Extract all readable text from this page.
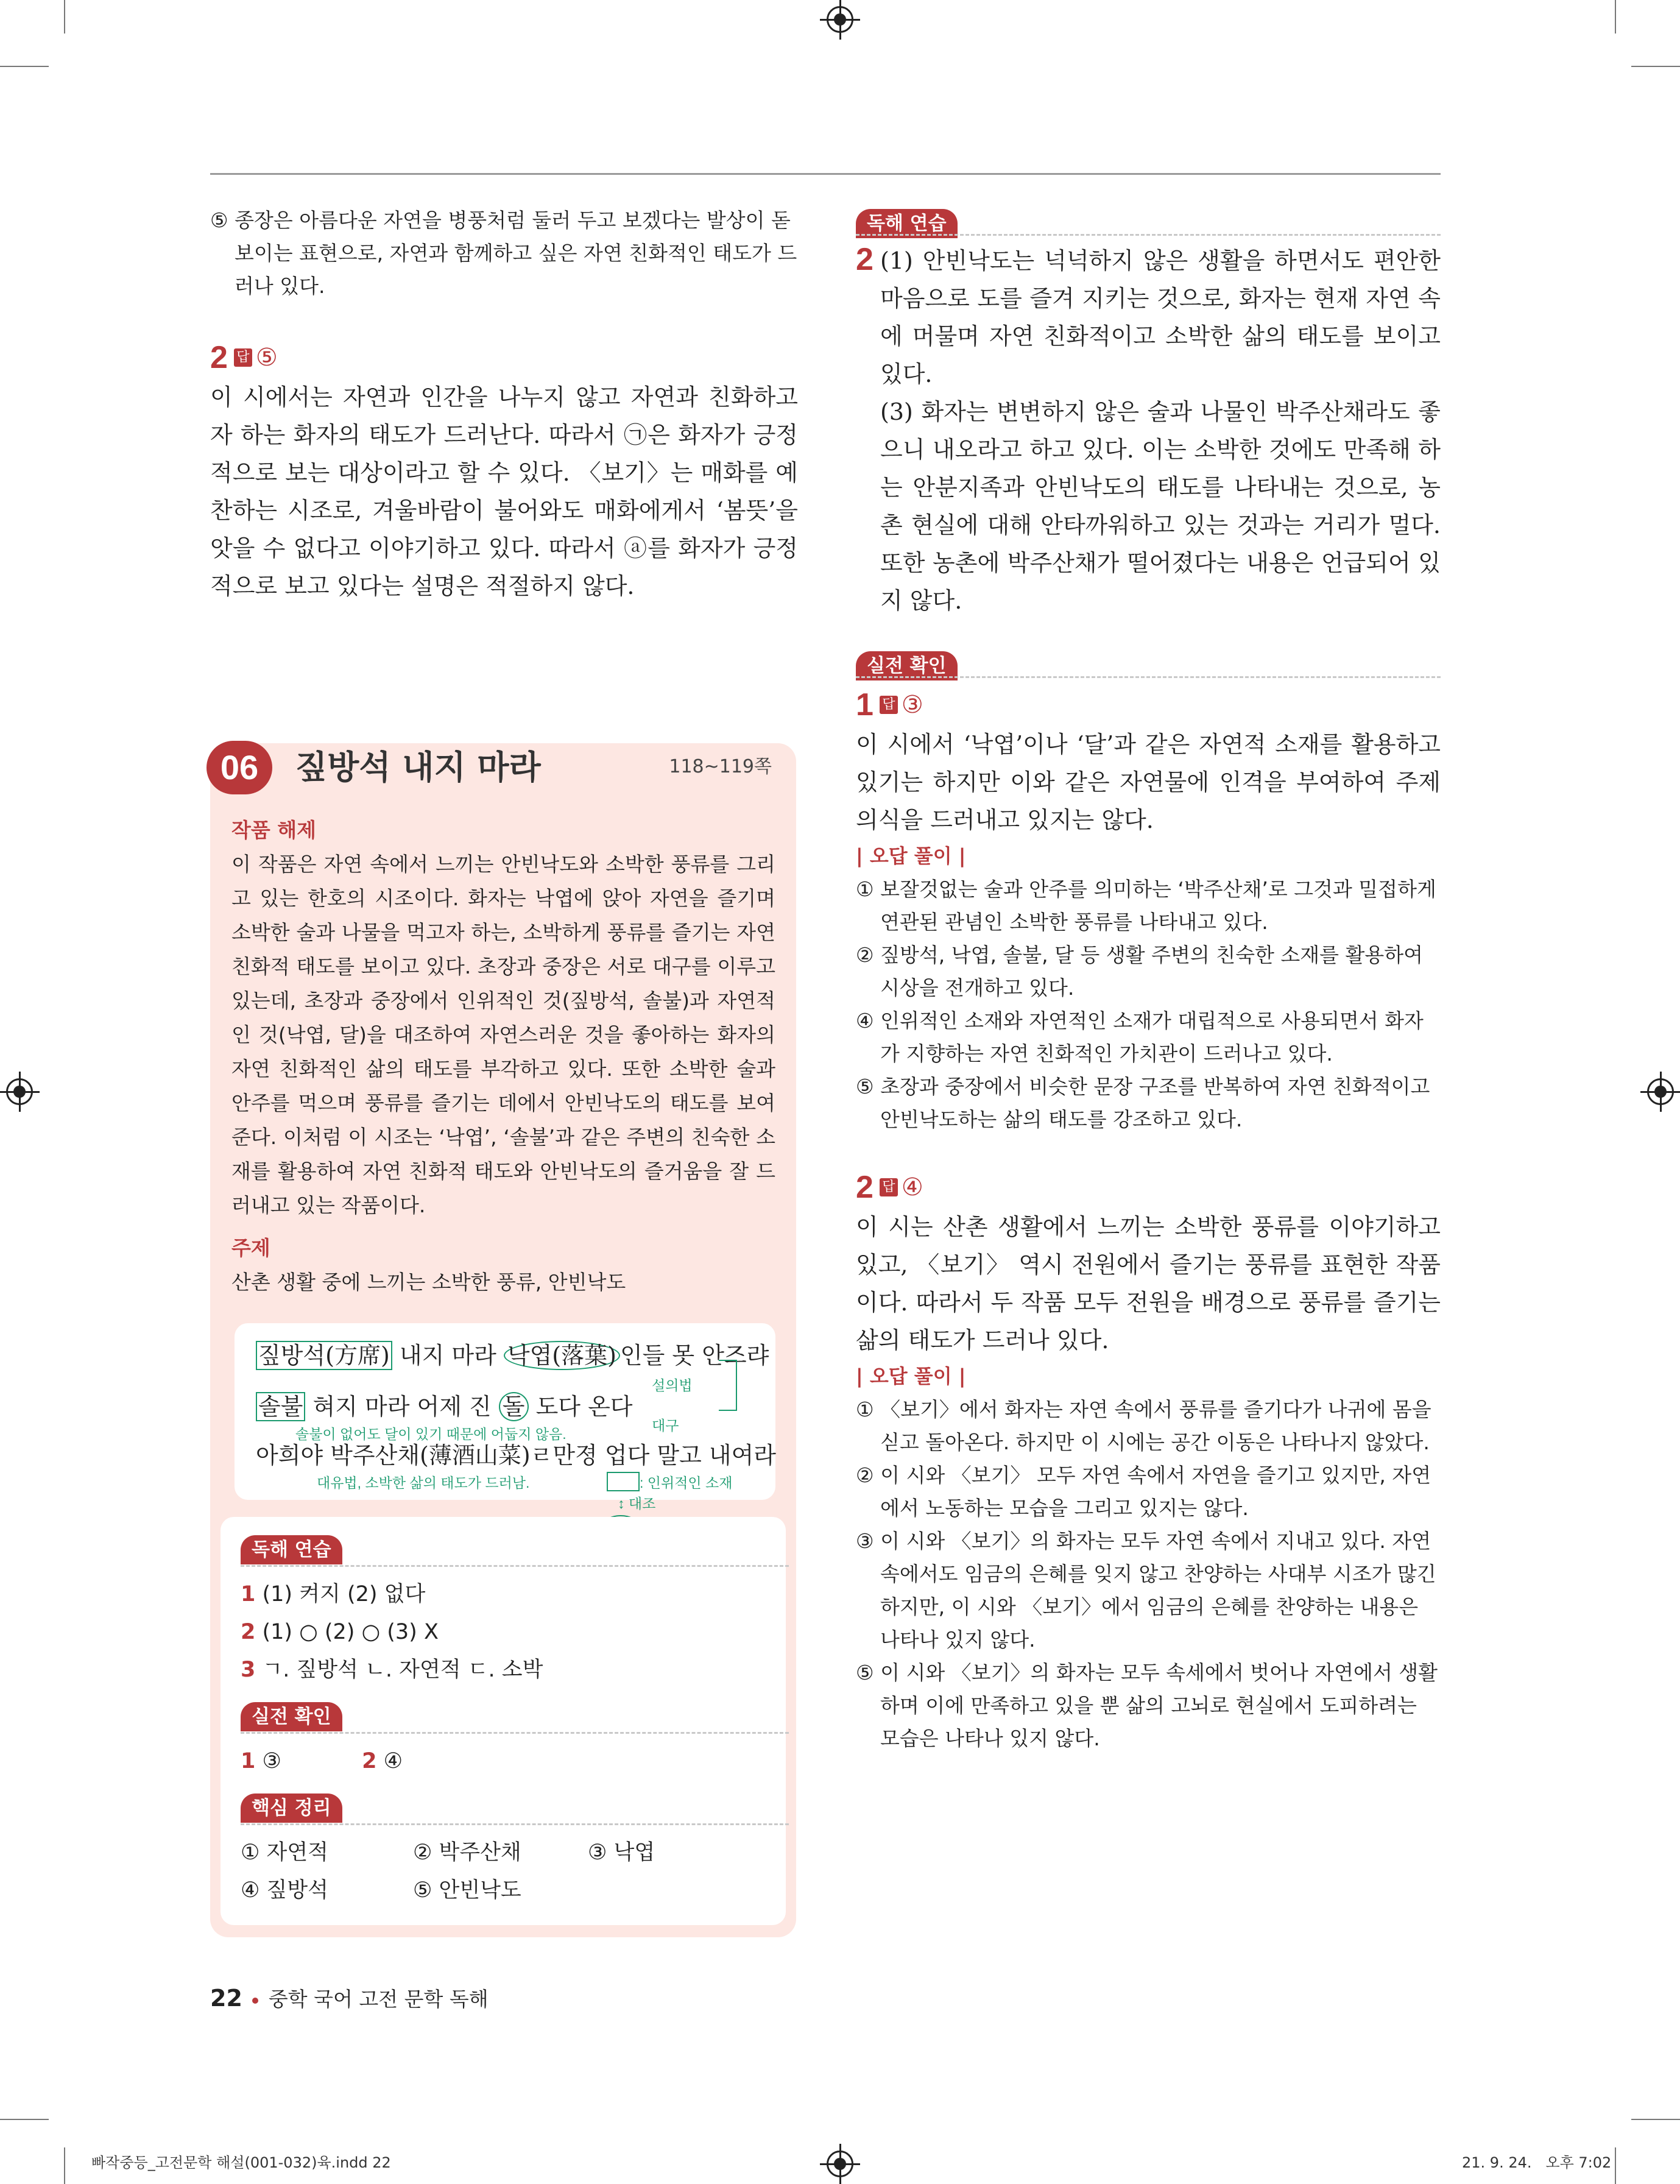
⑤ 종장은 아름다운 자연을 병풍처럼 둘러 두고 보겠다는 발상이 돋보이는 표현으로, 자연과 함께하고 싶은 자연 친화적인 태도가 드러나 있다.
2 답 ⑤
이 시에서는 자연과 인간을 나누지 않고 자연과 친화하고자 하는 화자의 태도가 드러난다. 따라서 ㉠은 화자가 긍정적으로 보는 대상이라고 할 수 있다. 〈보기〉는 매화를 예찬하는 시조로, 겨울바람이 불어와도 매화에게서 ‘봄뜻’을 앗을 수 없다고 이야기하고 있다. 따라서 ⓐ를 화자가 긍정적으로 보고 있다는 설명은 적절하지 않다.
06	짚방석 내지 마라	118~119쪽
작품 해제
이 작품은 자연 속에서 느끼는 안빈낙도와 소박한 풍류를 그리고 있는 한호의 시조이다. 화자는 낙엽에 앉아 자연을 즐기며 소박한 술과 나물을 먹고자 하는, 소박하게 풍류를 즐기는 자연 친화적 태도를 보이고 있다. 초장과 중장은 서로 대구를 이루고 있는데, 초장과 중장에서 인위적인 것(짚방석, 솔불)과 자연적인 것(낙엽, 달)을 대조하여 자연스러운 것을 좋아하는 화자의 자연 친화적인 삶의 태도를 부각하고 있다. 또한 소박한 술과 안주를 먹으며 풍류를 즐기는 데에서 안빈낙도의 태도를 보여 준다. 이처럼 이 시조는 ‘낙엽’, ‘솔불’과 같은 주변의 친숙한 소재를 활용하여 자연 친화적 태도와 안빈낙도의 즐거움을 잘 드러내고 있는 작품이다.
주제
산촌 생활 중에 느끼는 소박한 풍류, 안빈낙도
짚방석(方席) 내지 마라 낙엽(落葉) 인들 못 안즈랴
설의법
솔불 혀지 마라 어제 진 돌 도다 온다
대구
솔불이 없어도 달이 있기 때문에 어둡지 않음.
아희야 박주산채(薄酒山菜)ㄹ만졍 업다 말고 내여라
대유법, 소박한 삶의 태도가 드러남.	: 인위적인 소재
↕ 대조
독해 연습
1 (1) 켜지 (2) 없다
2 (1) ○ (2) ○ (3) X
3 ㄱ. 짚방석 ㄴ. 자연적 ㄷ. 소박
실전 확인
1 ③	2 ④
핵심 정리
① 자연적	② 박주산채	③ 낙엽
④ 짚방석	⑤ 안빈낙도
독해 연습
2 (1) 안빈낙도는 넉넉하지 않은 생활을 하면서도 편안한 마음으로 도를 즐겨 지키는 것으로, 화자는 현재 자연 속에 머물며 자연 친화적이고 소박한 삶의 태도를 보이고 있다.
(3) 화자는 변변하지 않은 술과 나물인 박주산채라도 좋으니 내오라고 하고 있다. 이는 소박한 것에도 만족해 하는 안분지족과 안빈낙도의 태도를 나타내는 것으로, 농촌 현실에 대해 안타까워하고 있는 것과는 거리가 멀다. 또한 농촌에 박주산채가 떨어졌다는 내용은 언급되어 있지 않다.
실전 확인
1 답 ③
이 시에서 ‘낙엽’이나 ‘달’과 같은 자연적 소재를 활용하고 있기는 하지만 이와 같은 자연물에 인격을 부여하여 주제 의식을 드러내고 있지는 않다.
| 오답 풀이 |
① 보잘것없는 술과 안주를 의미하는 ‘박주산채’로 그것과 밀접하게 연관된 관념인 소박한 풍류를 나타내고 있다.
② 짚방석, 낙엽, 솔불, 달 등 생활 주변의 친숙한 소재를 활용하여 시상을 전개하고 있다.
④ 인위적인 소재와 자연적인 소재가 대립적으로 사용되면서 화자가 지향하는 자연 친화적인 가치관이 드러나고 있다.
⑤ 초장과 중장에서 비슷한 문장 구조를 반복하여 자연 친화적이고 안빈낙도하는 삶의 태도를 강조하고 있다.
2 답 ④
이 시는 산촌 생활에서 느끼는 소박한 풍류를 이야기하고 있고, 〈보기〉 역시 전원에서 즐기는 풍류를 표현한 작품이다. 따라서 두 작품 모두 전원을 배경으로 풍류를 즐기는 삶의 태도가 드러나 있다.
| 오답 풀이 |
① 〈보기〉에서 화자는 자연 속에서 풍류를 즐기다가 나귀에 몸을 싣고 돌아온다. 하지만 이 시에는 공간 이동은 나타나지 않았다.
② 이 시와 〈보기〉 모두 자연 속에서 자연을 즐기고 있지만, 자연에서 노동하는 모습을 그리고 있지는 않다.
③ 이 시와 〈보기〉의 화자는 모두 자연 속에서 지내고 있다. 자연 속에서도 임금의 은혜를 잊지 않고 찬양하는 사대부 시조가 많긴 하지만, 이 시와 〈보기〉에서 임금의 은혜를 찬양하는 내용은 나타나 있지 않다.
⑤ 이 시와 〈보기〉의 화자는 모두 속세에서 벗어나 자연에서 생활하며 이에 만족하고 있을 뿐 삶의 고뇌로 현실에서 도피하려는 모습은 나타나 있지 않다.
22 중학 국어 고전 문학 독해
빠작중등_고전문학 해설(001-032)육.indd 22	21. 9. 24.   오후 7:02
